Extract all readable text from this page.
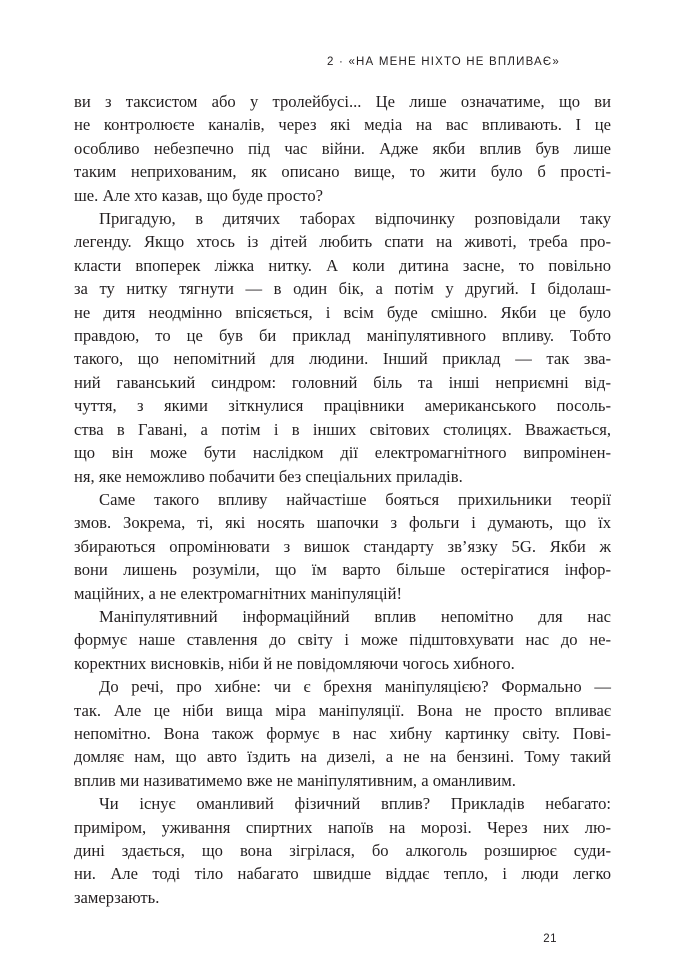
2 · «НА МЕНЕ НІХТО НЕ ВПЛИВАЄ»

ви з таксистом або у тролейбусі... Це лише означатиме, що ви
не контролюєте каналів, через які медіа на вас впливають. І це
особливо небезпечно під час війни. Адже якби вплив був лише
таким неприхованим, як описано вище, то жити було б прості-
ше. Але хто казав, що буде просто?

Пригадую, в дитячих таборах відпочинку розповідали таку
легенду. Якщо хтось із дітей любить спати на животі, треба про-
класти впоперек ліжка нитку. А коли дитина засне, то повільно
за ту нитку тягнути — в один бік, а потім у другий. І бідолаш-
не дитя неодмінно впісяється, і всім буде смішно. Якби це було
правдою, то це був би приклад маніпулятивного впливу. Тобто
такого, що непомітний для людини. Інший приклад — так зва-
ний гаванський синдром: головний біль та інші неприємні від-
чуття, з якими зіткнулися працівники американського посоль-
ства в Гавані, а потім і в інших світових столицях. Вважається,
що він може бути наслідком дії електромагнітного випромінен-
ня, яке неможливо побачити без спеціальних приладів.

Саме такого впливу найчастіше бояться прихильники теорії
змов. Зокрема, ті, які носять шапочки з фольги і думають, що їх
збираються опромінювати з вишок стандарту зв’язку 5G. Якби ж
вони лишень розуміли, що їм варто більше остерігатися інфор-
маційних, а не електромагнітних маніпуляцій!

Маніпулятивний інформаційний вплив непомітно для нас
формує наше ставлення до світу і може підштовхувати нас до не-
коректних висновків, ніби й не повідомляючи чогось хибного.

До речі, про хибне: чи є брехня маніпуляцією? Формально —
так. Але це ніби вища міра маніпуляції. Вона не просто впливає
непомітно. Вона також формує в нас хибну картинку світу. Пові-
домляє нам, що авто їздить на дизелі, а не на бензині. Тому такий
вплив ми називатимемо вже не маніпулятивним, а оманливим.

Чи існує оманливий фізичний вплив? Прикладів небагато:
приміром, уживання спиртних напоїв на морозі. Через них лю-
дині здається, що вона зігрілася, бо алкоголь розширює суди-
ни. Але тоді тіло набагато швидше віддає тепло, і люди легко
замерзають.

21
